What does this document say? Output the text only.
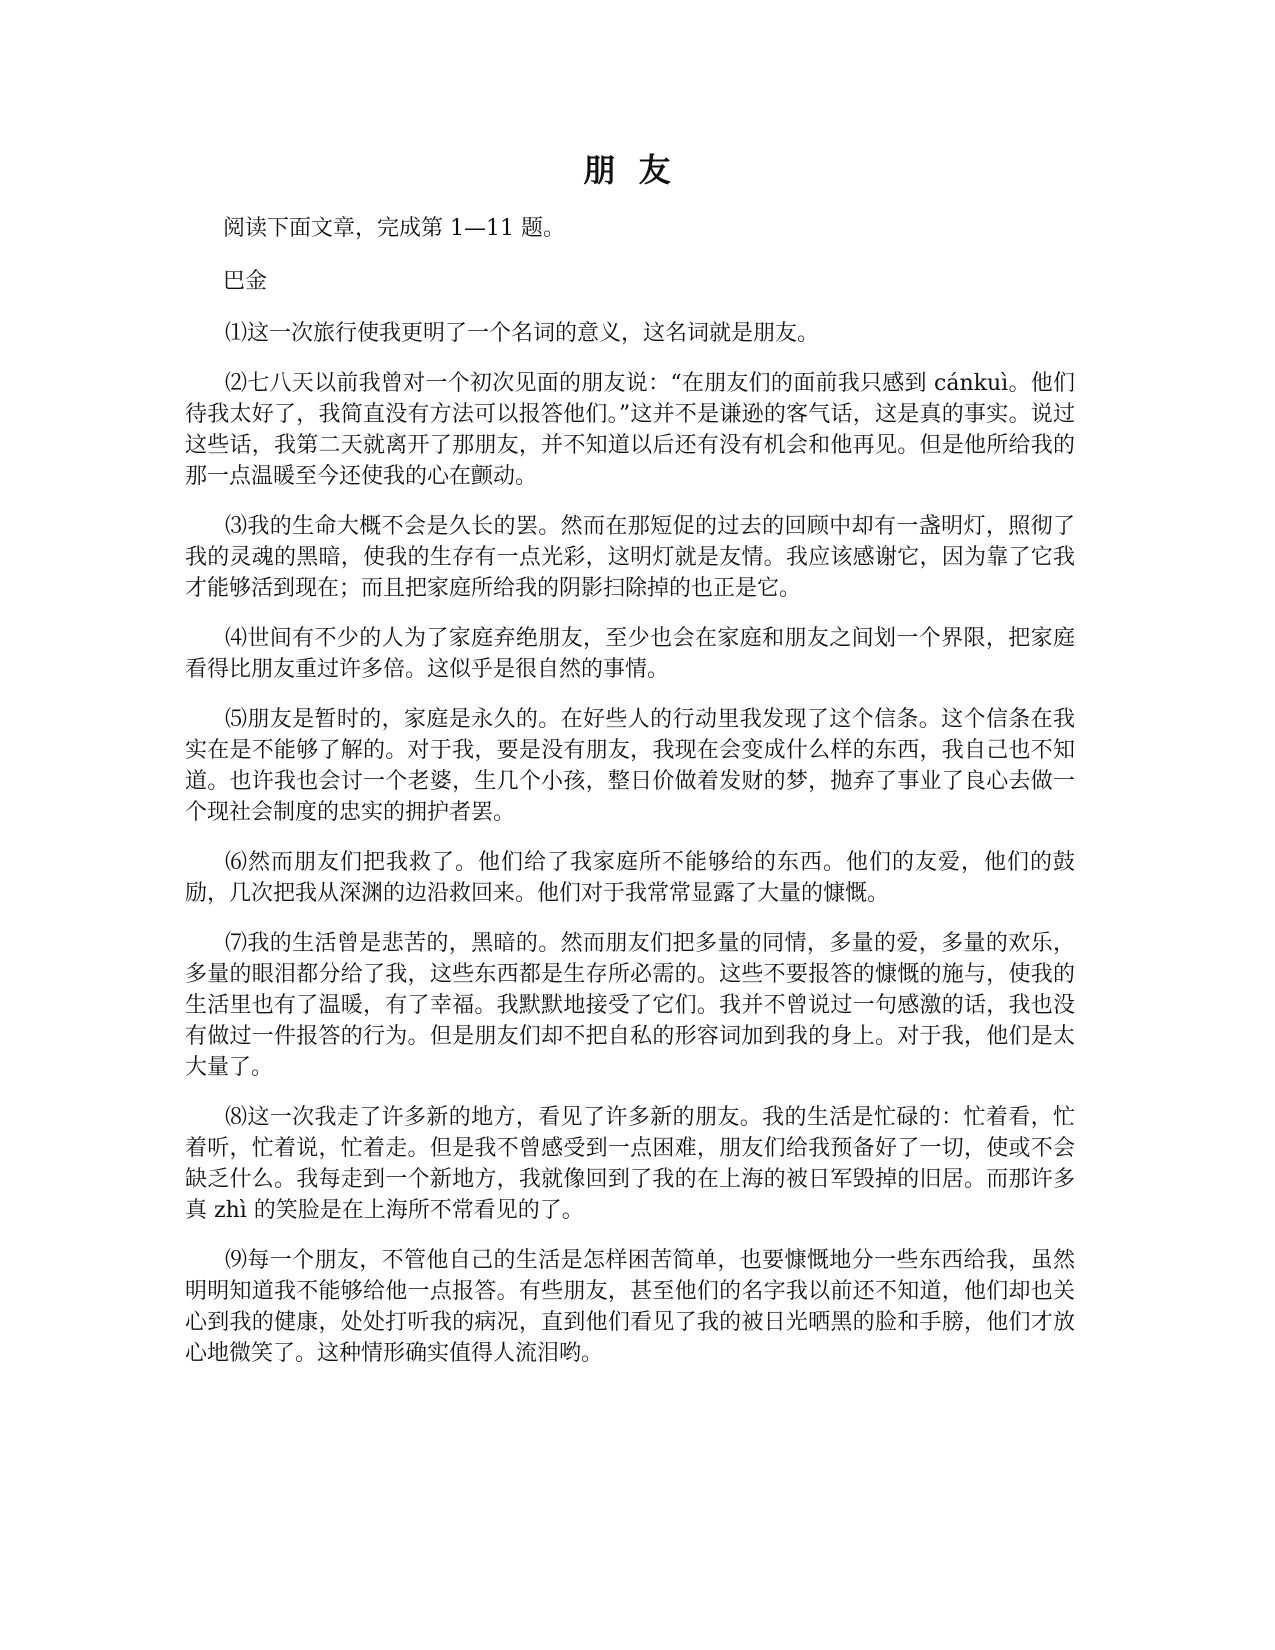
朋 友

阅读下面文章，完成第 1—11 题。

巴金

⑴这一次旅行使我更明了一个名词的意义，这名词就是朋友。

⑵七八天以前我曾对一个初次见面的朋友说：“在朋友们的面前我只感到 cánkuì。他们待我太好了，我简直没有方法可以报答他们。”这并不是谦逊的客气话，这是真的事实。说过这些话，我第二天就离开了那朋友，并不知道以后还有没有机会和他再见。但是他所给我的那一点温暖至今还使我的心在颤动。

⑶我的生命大概不会是久长的罢。然而在那短促的过去的回顾中却有一盏明灯，照彻了我的灵魂的黑暗，使我的生存有一点光彩，这明灯就是友情。我应该感谢它，因为靠了它我才能够活到现在；而且把家庭所给我的阴影扫除掉的也正是它。

⑷世间有不少的人为了家庭弃绝朋友，至少也会在家庭和朋友之间划一个界限，把家庭看得比朋友重过许多倍。这似乎是很自然的事情。

⑸朋友是暂时的，家庭是永久的。在好些人的行动里我发现了这个信条。这个信条在我实在是不能够了解的。对于我，要是没有朋友，我现在会变成什么样的东西，我自己也不知道。也许我也会讨一个老婆，生几个小孩，整日价做着发财的梦，抛弃了事业了良心去做一个现社会制度的忠实的拥护者罢。

⑹然而朋友们把我救了。他们给了我家庭所不能够给的东西。他们的友爱，他们的鼓励，几次把我从深渊的边沿救回来。他们对于我常常显露了大量的慷慨。

⑺我的生活曾是悲苦的，黑暗的。然而朋友们把多量的同情，多量的爱，多量的欢乐，多量的眼泪都分给了我，这些东西都是生存所必需的。这些不要报答的慷慨的施与，使我的生活里也有了温暖，有了幸福。我默默地接受了它们。我并不曾说过一句感激的话，我也没有做过一件报答的行为。但是朋友们却不把自私的形容词加到我的身上。对于我，他们是太大量了。

⑻这一次我走了许多新的地方，看见了许多新的朋友。我的生活是忙碌的：忙着看，忙着听，忙着说，忙着走。但是我不曾感受到一点困难，朋友们给我预备好了一切，使或不会缺乏什么。我每走到一个新地方，我就像回到了我的在上海的被日军毁掉的旧居。而那许多真 zhì 的笑脸是在上海所不常看见的了。

⑼每一个朋友，不管他自己的生活是怎样困苦简单，也要慷慨地分一些东西给我，虽然明明知道我不能够给他一点报答。有些朋友，甚至他们的名字我以前还不知道，他们却也关心到我的健康，处处打听我的病况，直到他们看见了我的被日光晒黑的脸和手膀，他们才放心地微笑了。这种情形确实值得人流泪哟。
